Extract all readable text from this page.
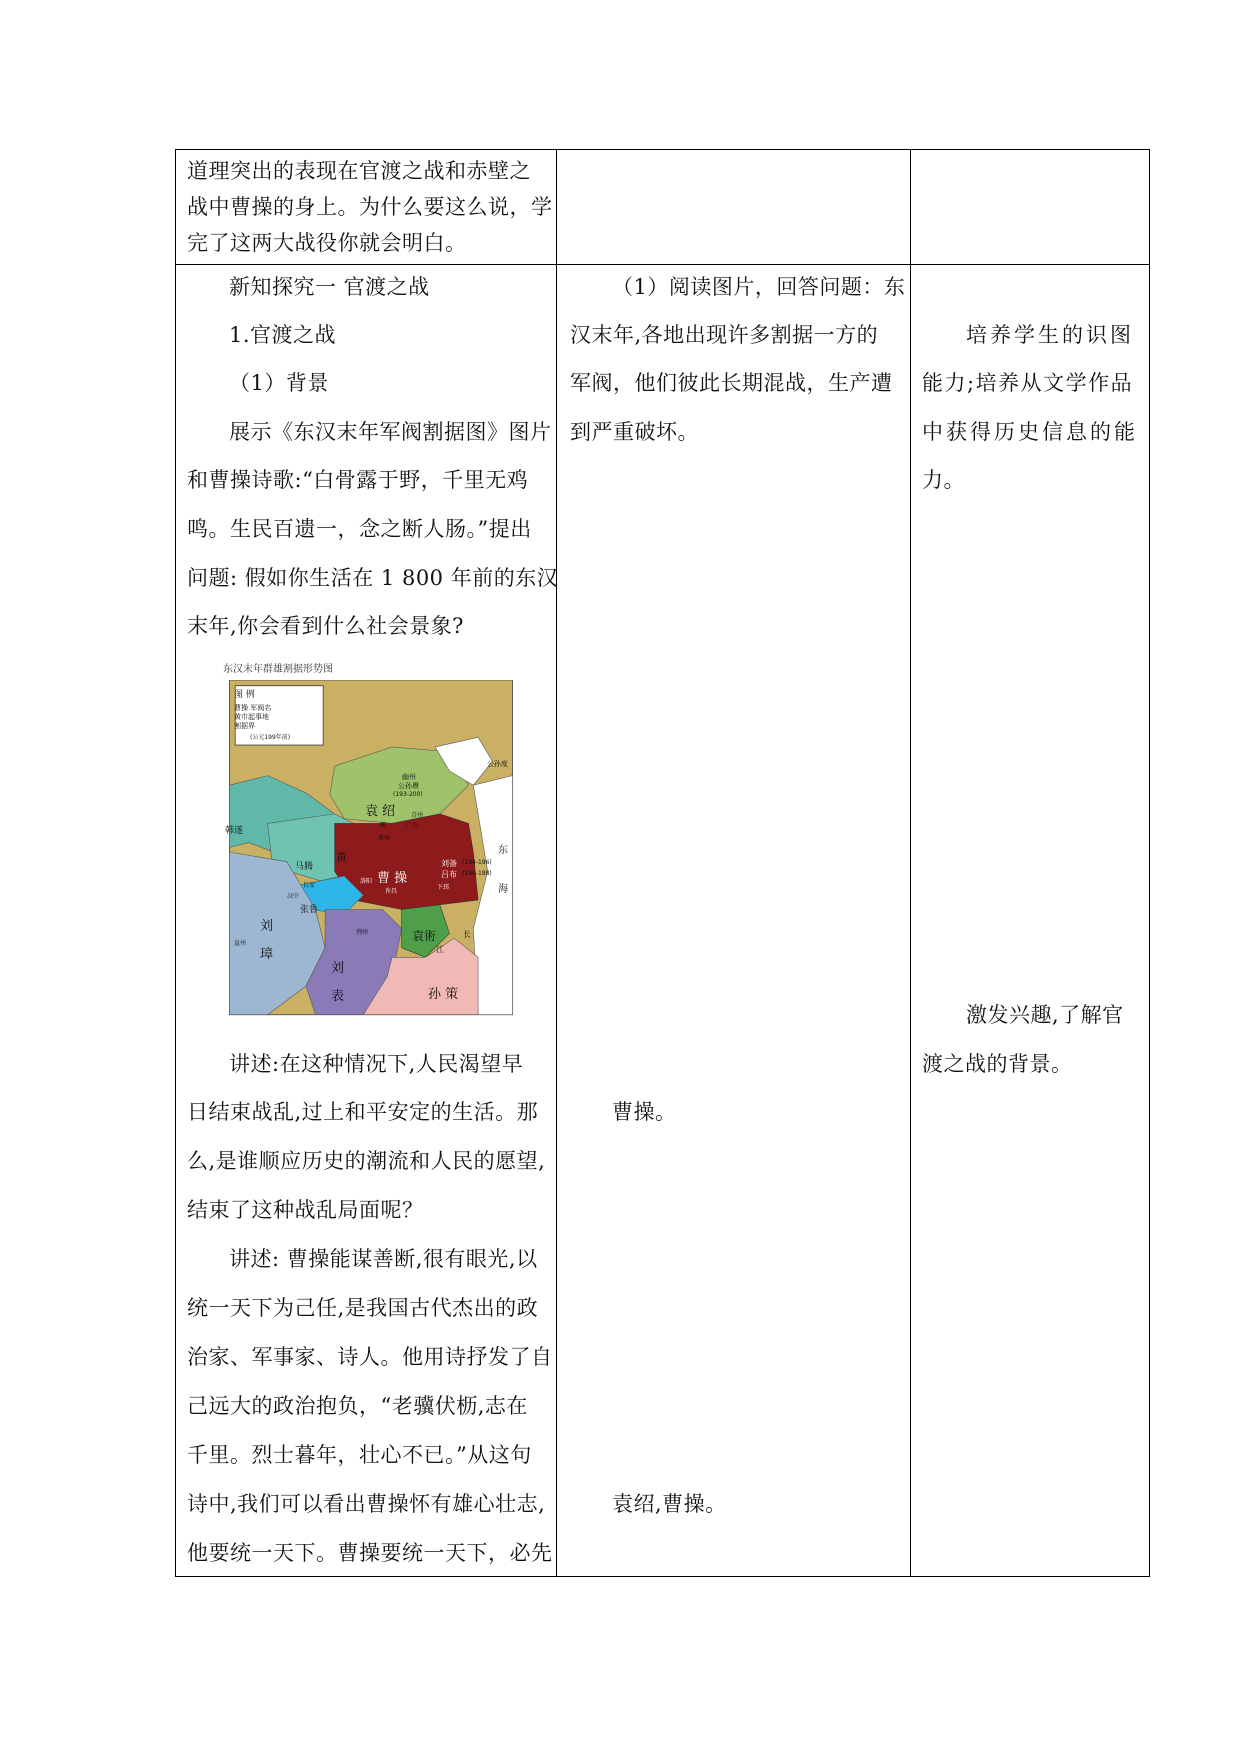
道理突出的表现在官渡之战和赤壁之
战中曹操的身上。为什么要这么说，学
完了这两大战役你就会明白。
新知探究一 官渡之战
1.官渡之战
（1）背景
展示《东汉末年军阀割据图》图片
和曹操诗歌:“白骨露于野，千里无鸡
鸣。生民百遗一，念之断人肠。”提出
问题: 假如你生活在 1 800 年前的东汉
末年,你会看到什么社会景象?
东汉末年群雄割据形势图
图 例
曹操 军阀名
黄巾起事地
割据界
(公元199年前)
袁 绍
幽州
公孙瓒
(193-200)
公孙度
曹 操
刘备 (194-196)
吕布 (196-198)
东
海
袁術	长
江
刘
璋
刘
表	孙 策
马腾
韩遂
张鲁
汉中
长安
益州
荆州
洛阳
许昌
冀州
青州
邺
下邳
广东
黄
讲述:在这种情况下,人民渴望早
日结束战乱,过上和平安定的生活。那
么,是谁顺应历史的潮流和人民的愿望,
结束了这种战乱局面呢？
讲述: 曹操能谋善断,很有眼光,以
统一天下为己任,是我国古代杰出的政
治家、军事家、诗人。他用诗抒发了自
己远大的政治抱负，“老骥伏枥,志在
千里。烈士暮年，壮心不已。”从这句
诗中,我们可以看出曹操怀有雄心壮志,
他要统一天下。曹操要统一天下，必先
（1）阅读图片，回答问题：东
汉末年,各地出现许多割据一方的
军阀，他们彼此长期混战，生产遭
到严重破坏。
曹操。
袁绍,曹操。
培养学生的识图
能力;培养从文学作品
中获得历史信息的能
力。
激发兴趣,了解官
渡之战的背景。
